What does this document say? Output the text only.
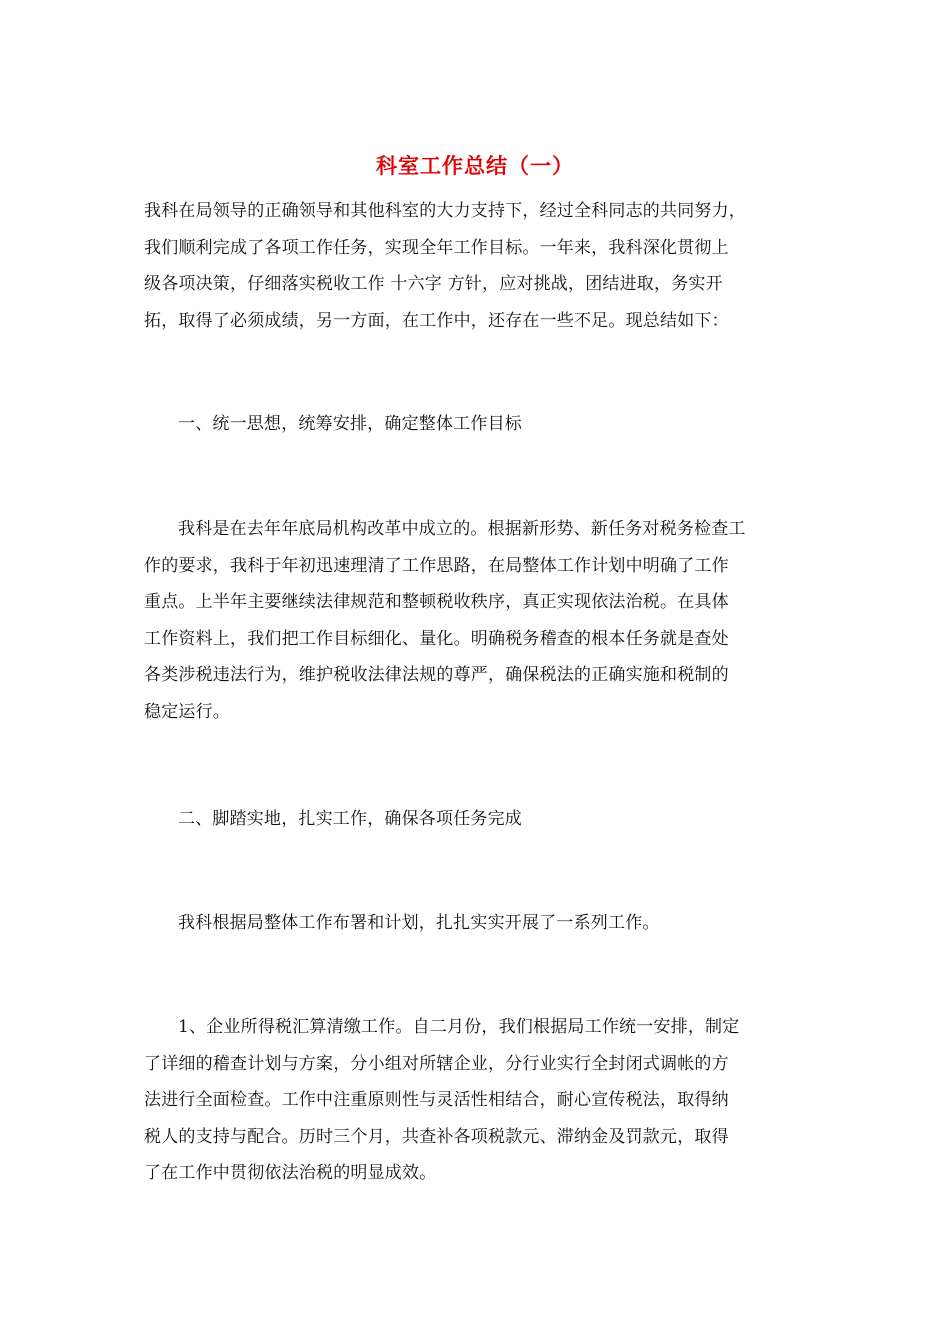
科室工作总结（一）
我科在局领导的正确领导和其他科室的大力支持下，经过全科同志的共同努力，
我们顺利完成了各项工作任务，实现全年工作目标。一年来，我科深化贯彻上
级各项决策，仔细落实税收工作 十六字 方针，应对挑战，团结进取，务实开
拓，取得了必须成绩，另一方面，在工作中，还存在一些不足。现总结如下：
一、统一思想，统筹安排，确定整体工作目标
我科是在去年年底局机构改革中成立的。根据新形势、新任务对税务检查工
作的要求，我科于年初迅速理清了工作思路，在局整体工作计划中明确了工作
重点。上半年主要继续法律规范和整顿税收秩序，真正实现依法治税。在具体
工作资料上，我们把工作目标细化、量化。明确税务稽查的根本任务就是查处
各类涉税违法行为，维护税收法律法规的尊严，确保税法的正确实施和税制的
稳定运行。
二、脚踏实地，扎实工作，确保各项任务完成
我科根据局整体工作布署和计划，扎扎实实开展了一系列工作。
1、企业所得税汇算清缴工作。自二月份，我们根据局工作统一安排，制定
了详细的稽查计划与方案，分小组对所辖企业，分行业实行全封闭式调帐的方
法进行全面检查。工作中注重原则性与灵活性相结合，耐心宣传税法，取得纳
税人的支持与配合。历时三个月，共查补各项税款元、滞纳金及罚款元，取得
了在工作中贯彻依法治税的明显成效。
